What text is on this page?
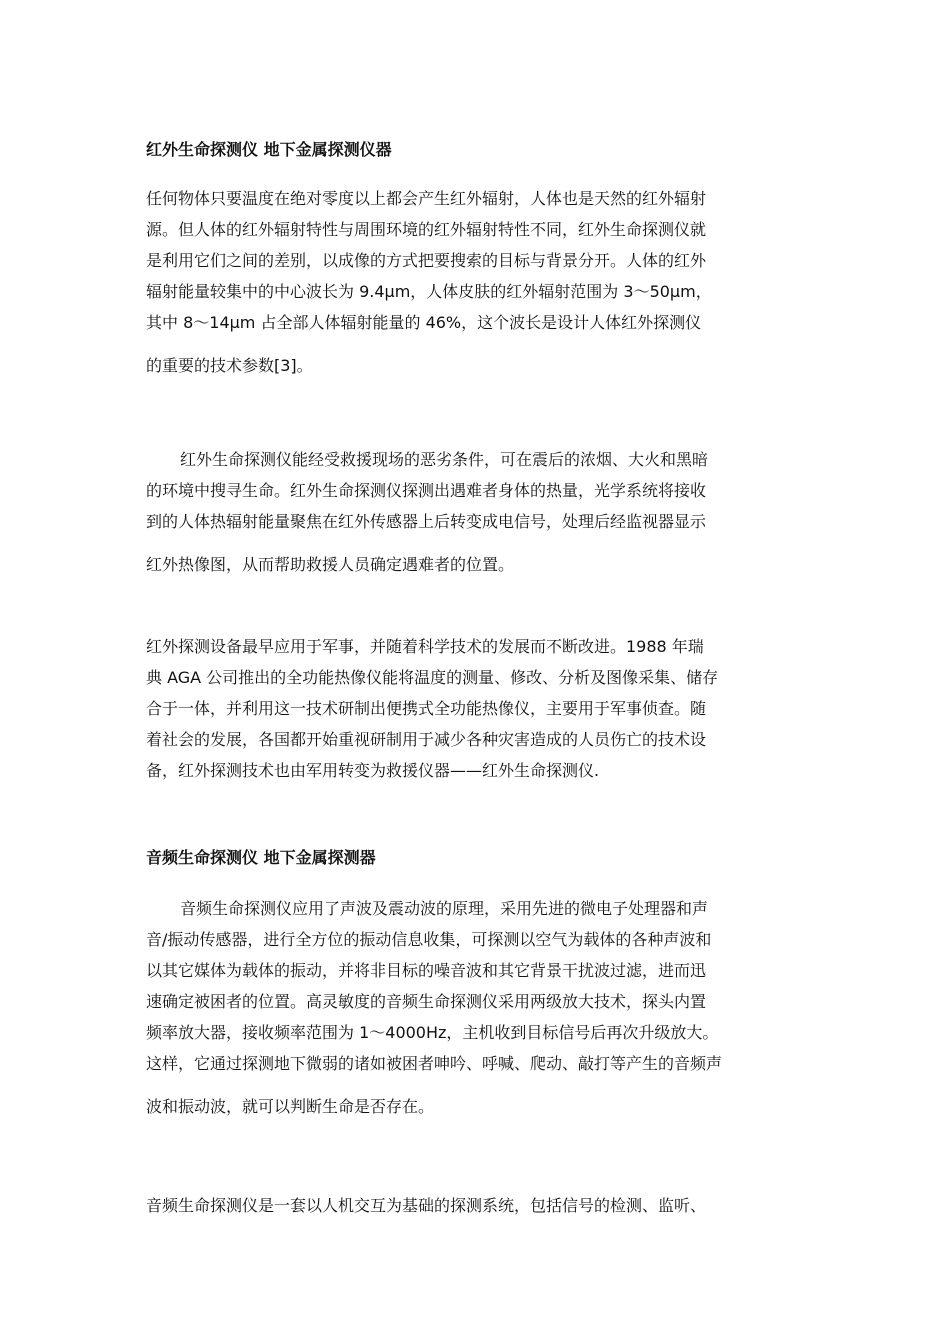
红外生命探测仪 地下金属探测仪器

任何物体只要温度在绝对零度以上都会产生红外辐射，人体也是天然的红外辐射
源。但人体的红外辐射特性与周围环境的红外辐射特性不同，红外生命探测仪就
是利用它们之间的差别，以成像的方式把要搜索的目标与背景分开。人体的红外
辐射能量较集中的中心波长为 9.4μm，人体皮肤的红外辐射范围为 3～50μm，
其中 8～14μm 占全部人体辐射能量的 46%，这个波长是设计人体红外探测仪
的重要的技术参数[3]。

红外生命探测仪能经受救援现场的恶劣条件，可在震后的浓烟、大火和黑暗
的环境中搜寻生命。红外生命探测仪探测出遇难者身体的热量，光学系统将接收
到的人体热辐射能量聚焦在红外传感器上后转变成电信号，处理后经监视器显示
红外热像图，从而帮助救援人员确定遇难者的位置。

红外探测设备最早应用于军事，并随着科学技术的发展而不断改进。1988 年瑞
典 AGA 公司推出的全功能热像仪能将温度的测量、修改、分析及图像采集、储存
合于一体，并利用这一技术研制出便携式全功能热像仪，主要用于军事侦查。随
着社会的发展，各国都开始重视研制用于减少各种灾害造成的人员伤亡的技术设
备，红外探测技术也由军用转变为救援仪器——红外生命探测仪.

音频生命探测仪 地下金属探测器

音频生命探测仪应用了声波及震动波的原理，采用先进的微电子处理器和声
音/振动传感器，进行全方位的振动信息收集，可探测以空气为载体的各种声波和
以其它媒体为载体的振动，并将非目标的噪音波和其它背景干扰波过滤，进而迅
速确定被困者的位置。高灵敏度的音频生命探测仪采用两级放大技术，探头内置
频率放大器，接收频率范围为 1～4000Hz，主机收到目标信号后再次升级放大。
这样，它通过探测地下微弱的诸如被困者呻吟、呼喊、爬动、敲打等产生的音频声
波和振动波，就可以判断生命是否存在。

音频生命探测仪是一套以人机交互为基础的探测系统，包括信号的检测、监听、
